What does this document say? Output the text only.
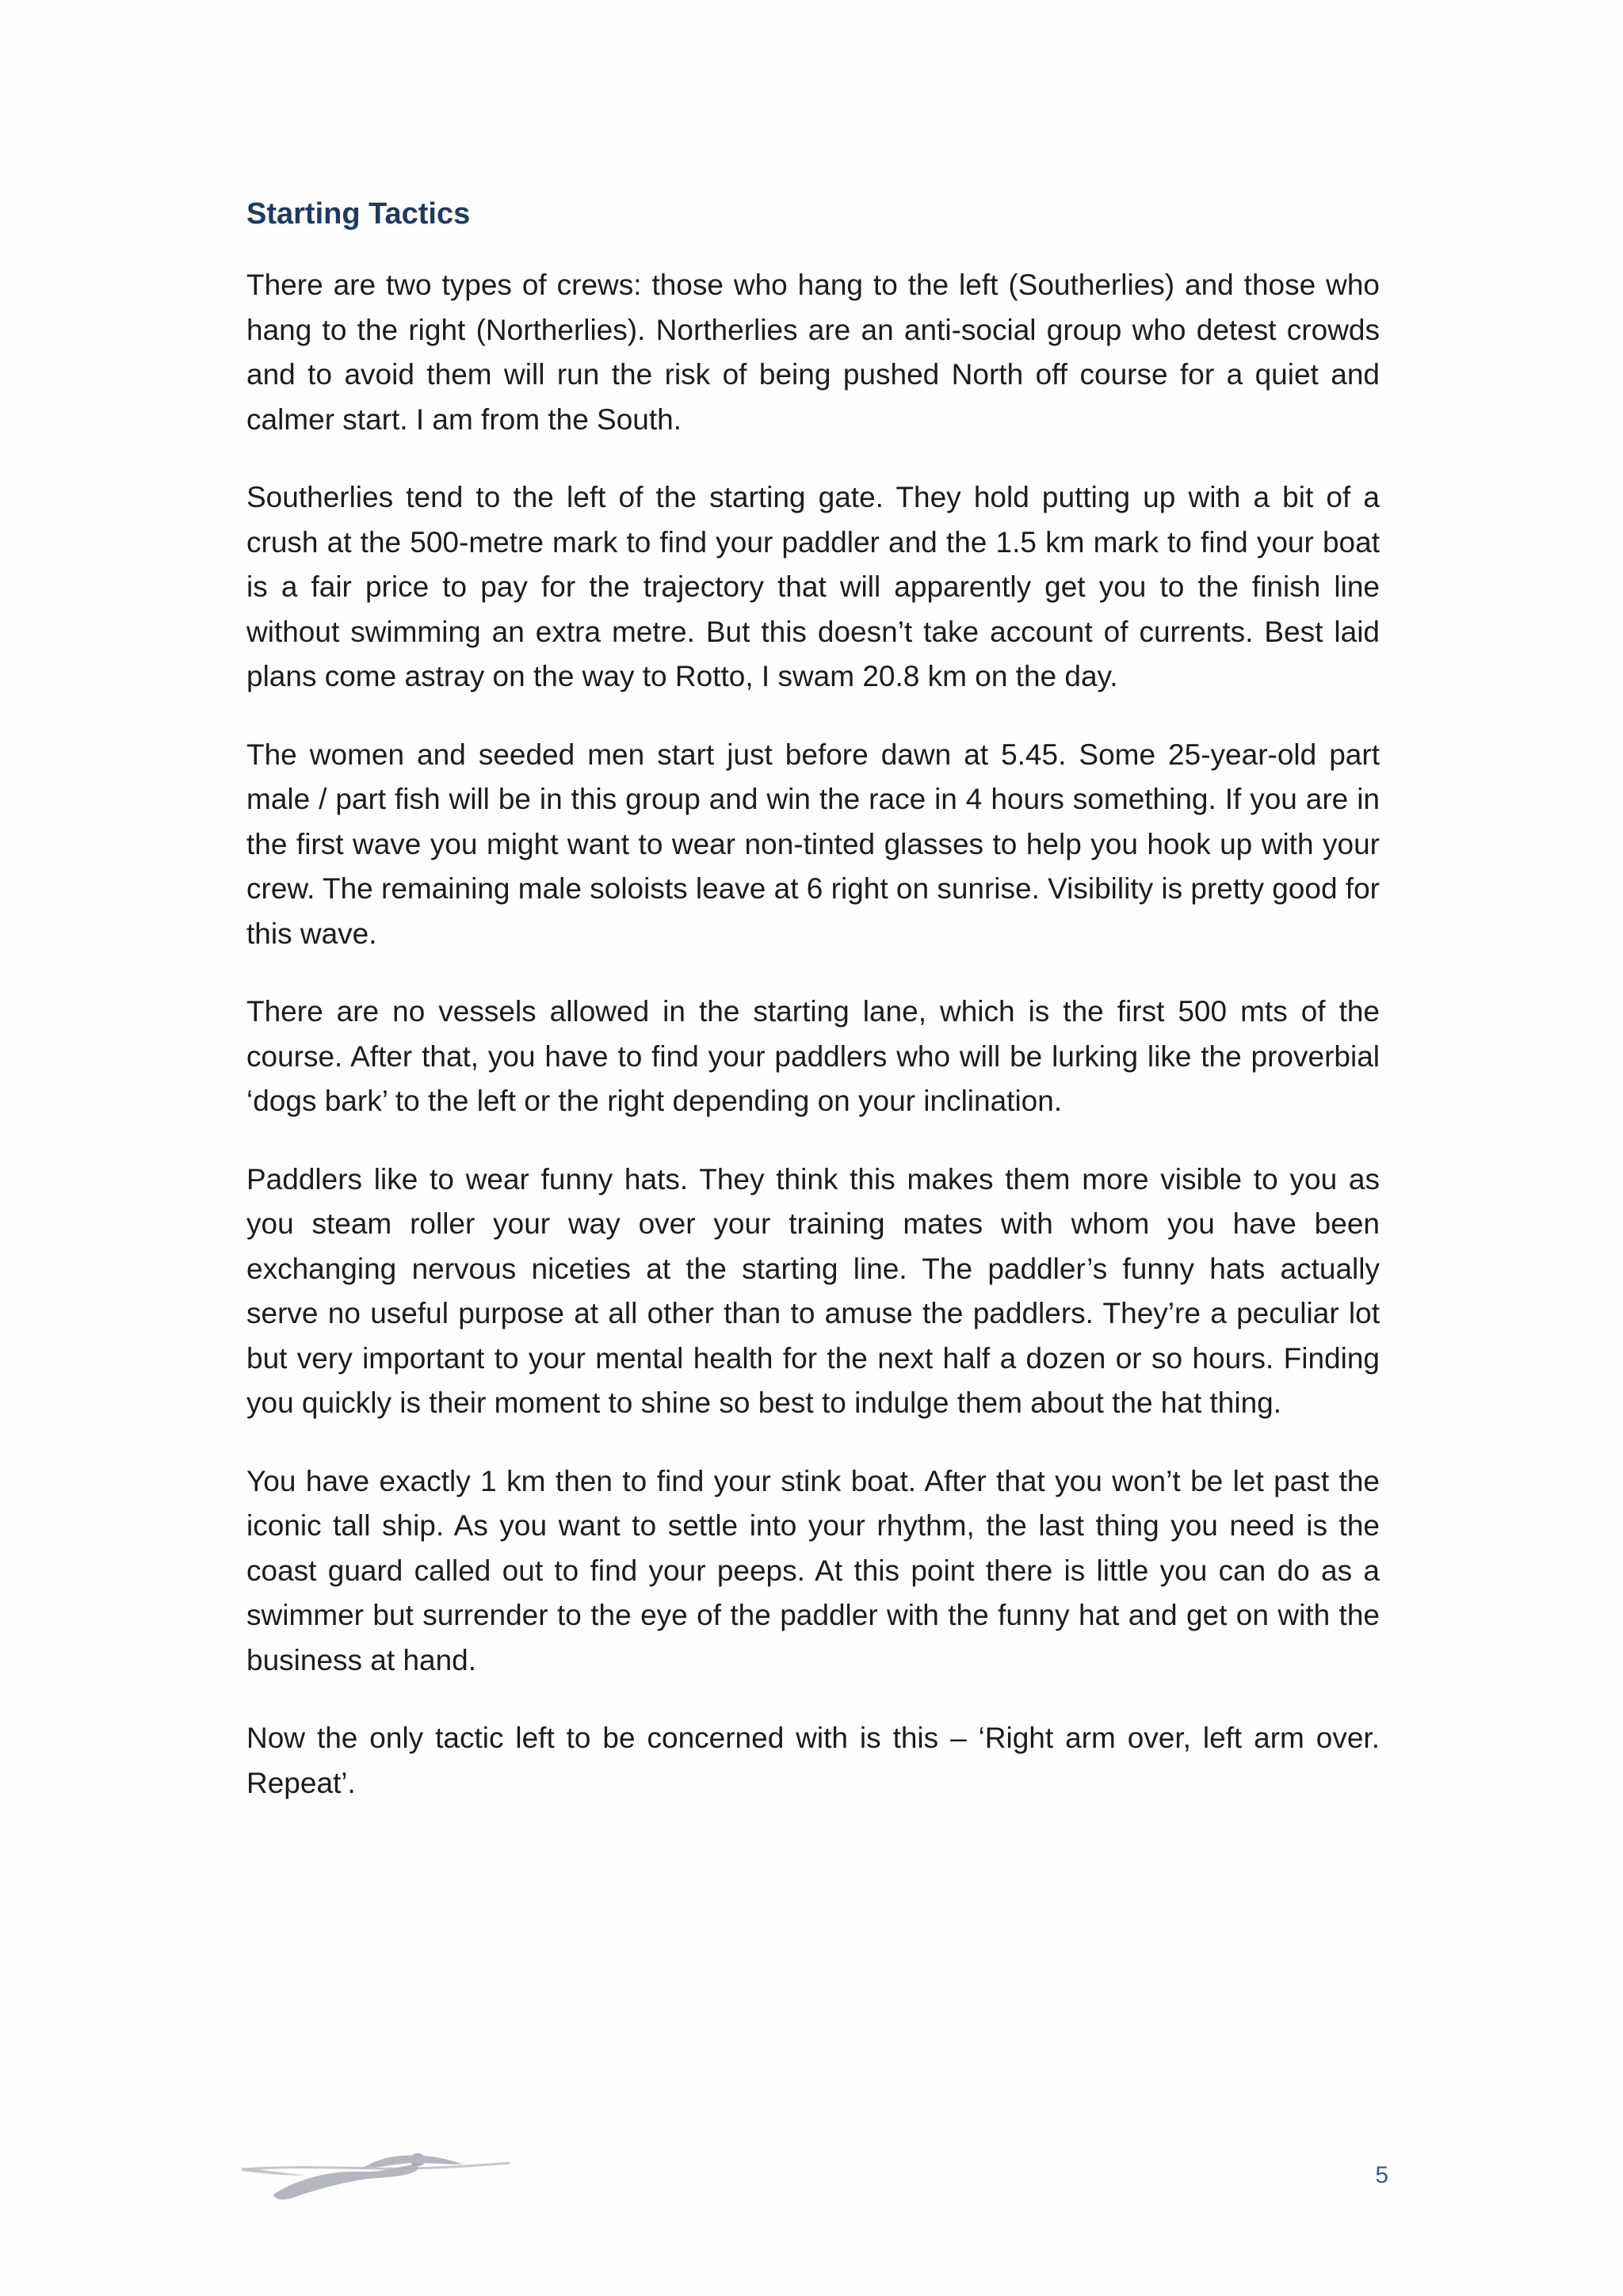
Starting Tactics

There are two types of crews: those who hang to the left (Southerlies) and those who hang to the right (Northerlies). Northerlies are an anti-social group who detest crowds and to avoid them will run the risk of being pushed North off course for a quiet and calmer start. I am from the South.

Southerlies tend to the left of the starting gate. They hold putting up with a bit of a crush at the 500-metre mark to find your paddler and the 1.5 km mark to find your boat is a fair price to pay for the trajectory that will apparently get you to the finish line without swimming an extra metre. But this doesn’t take account of currents. Best laid plans come astray on the way to Rotto, I swam 20.8 km on the day.

The women and seeded men start just before dawn at 5.45. Some 25-year-old part male / part fish will be in this group and win the race in 4 hours something. If you are in the first wave you might want to wear non-tinted glasses to help you hook up with your crew. The remaining male soloists leave at 6 right on sunrise. Visibility is pretty good for this wave.

There are no vessels allowed in the starting lane, which is the first 500 mts of the course. After that, you have to find your paddlers who will be lurking like the proverbial ‘dogs bark’ to the left or the right depending on your inclination.

Paddlers like to wear funny hats. They think this makes them more visible to you as you steam roller your way over your training mates with whom you have been exchanging nervous niceties at the starting line. The paddler’s funny hats actually serve no useful purpose at all other than to amuse the paddlers. They’re a peculiar lot but very important to your mental health for the next half a dozen or so hours. Finding you quickly is their moment to shine so best to indulge them about the hat thing.

You have exactly 1 km then to find your stink boat. After that you won’t be let past the iconic tall ship. As you want to settle into your rhythm, the last thing you need is the coast guard called out to find your peeps. At this point there is little you can do as a swimmer but surrender to the eye of the paddler with the funny hat and get on with the business at hand.

Now the only tactic left to be concerned with is this – ‘Right arm over, left arm over. Repeat’.

5
